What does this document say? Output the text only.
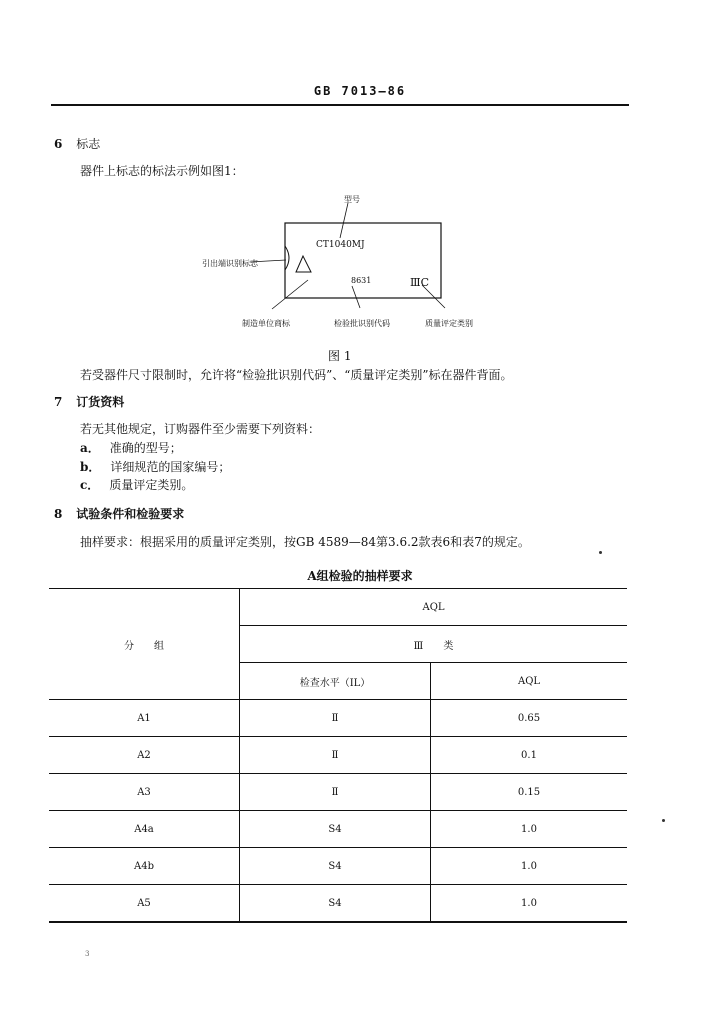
GB 7013—86
6 标志
器件上标志的标法示例如图1：
型号
CT1040MJ
引出端识别标志
8631	ⅢC
制造单位商标	检验批识别代码	质量评定类别
图 1
若受器件尺寸限制时，允许将“检验批识别代码”、“质量评定类别”标在器件背面。
7 订货资料
若无其他规定，订购器件至少需要下列资料：
a． 准确的型号；
b． 详细规范的国家编号；
c． 质量评定类别。
8 试验条件和检验要求
抽样要求：根据采用的质量评定类别，按GB 4589—84第3.6.2款表6和表7的规定。
A组检验的抽样要求
分　　组	AQL	
	Ⅲ　　类	
	检查水平（IL）	AQL
A1	Ⅱ	0.65
A2	Ⅱ	0.1
A3	Ⅱ	0.15
A4a	S4	1.0
A4b	S4	1.0
A5	S4	1.0
3
